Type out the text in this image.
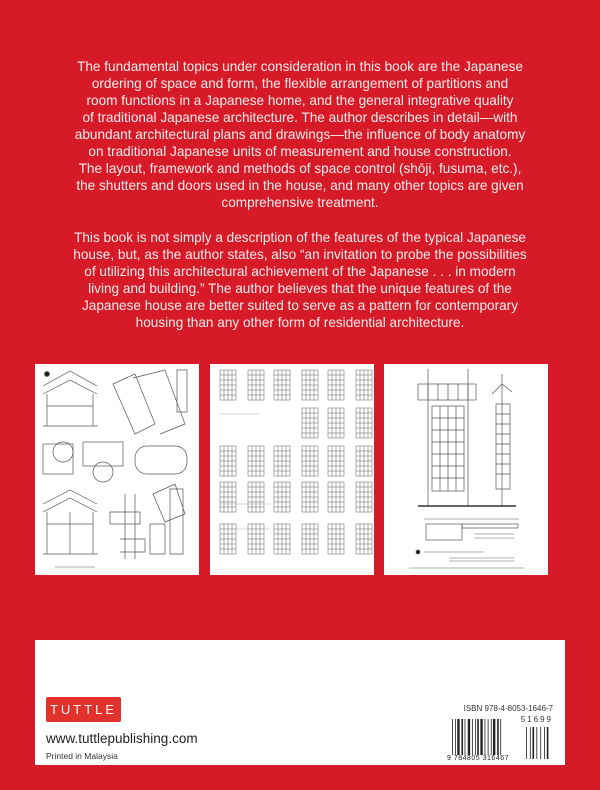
The fundamental topics under consideration in this book are the Japanese
ordering of space and form, the flexible arrangement of partitions and
room functions in a Japanese home, and the general integrative quality
of traditional Japanese architecture. The author describes in detail—with
abundant architectural plans and drawings—the influence of body anatomy
on traditional Japanese units of measurement and house construction.
The layout, framework and methods of space control (shōji, fusuma, etc.),
the shutters and doors used in the house, and many other topics are given
comprehensive treatment.
This book is not simply a description of the features of the typical Japanese
house, but, as the author states, also “an invitation to probe the possibilities
of utilizing this architectural achievement of the Japanese . . . in modern
living and building.” The author believes that the unique features of the
Japanese house are better suited to serve as a pattern for contemporary
housing than any other form of residential architecture.
TUTTLE
www.tuttlepublishing.com
Printed in Malaysia
ISBN 978-4-8053-1646-7
51699
9 784805 316467
